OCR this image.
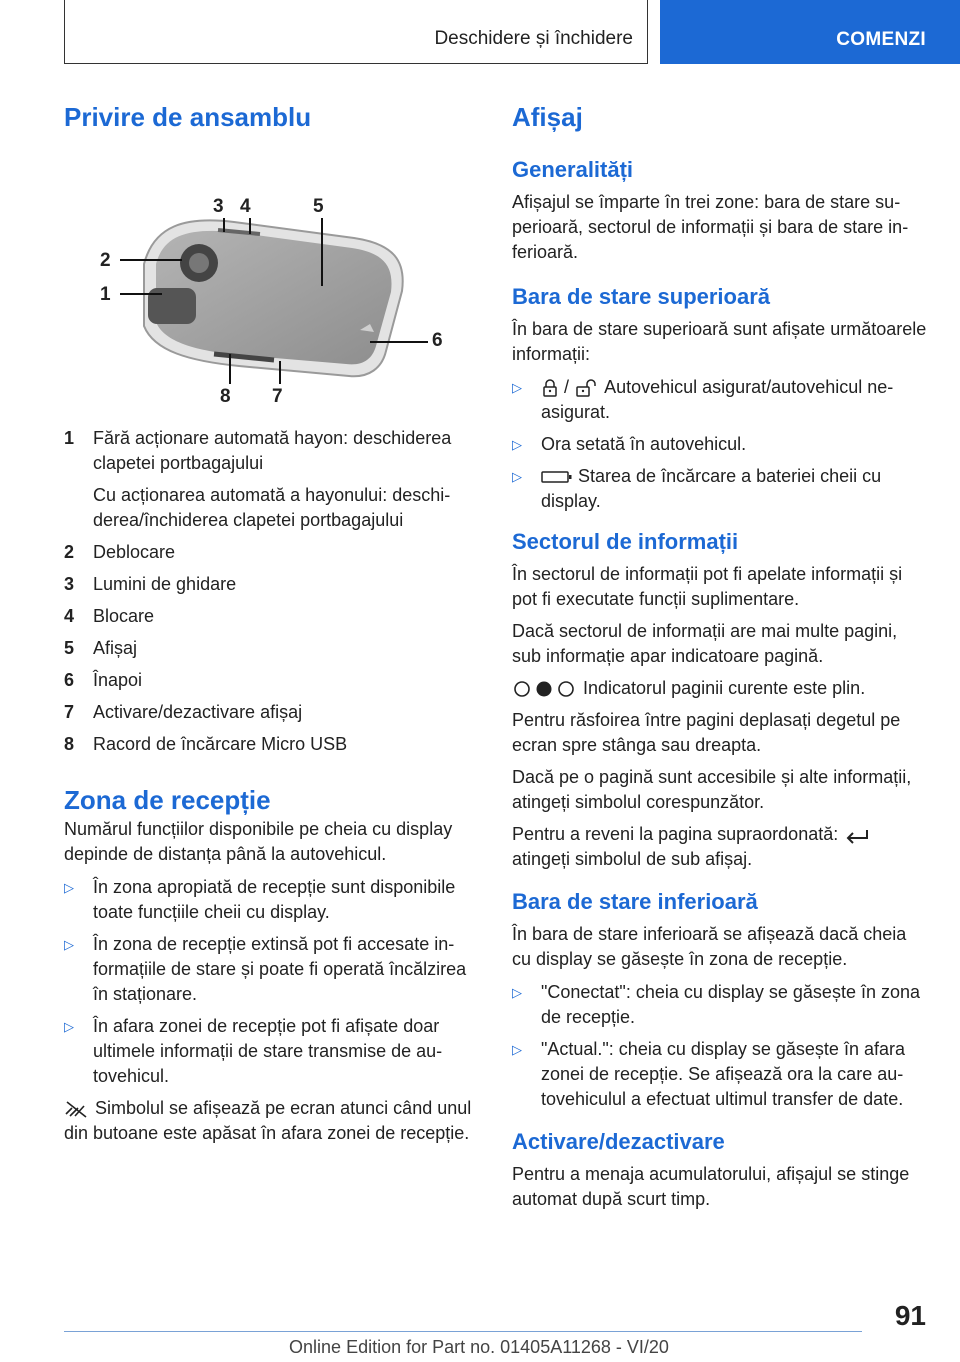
Deschidere și închidere	COMENZI
Privire de ansamblu
3 4	5
2
1
6
7
8
1	Fără acționare automată hayon: deschiderea clapetei portbagajului
Cu acționarea automată a hayonului: deschiderea/închiderea clapetei portbagajului
2	Deblocare
3	Lumini de ghidare
4	Blocare
5	Afișaj
6	Înapoi
7	Activare/dezactivare afișaj
8	Racord de încărcare Micro USB
Zona de recepție

Numărul funcțiilor disponibile pe cheia cu display depinde de distanța până la autovehicul.

▷	În zona apropiată de recepție sunt disponibile toate funcțiile cheii cu display.
▷	În zona de recepție extinsă pot fi accesate informațiile de stare și poate fi operată încălzirea în staționare.
▷	În afara zonei de recepție pot fi afișate doar ultimele informații de stare transmise de autovehicul.

Simbolul se afișează pe ecran atunci când unul din butoane este apăsat în afara zonei de recepție.

Afișaj
Generalități

Afișajul se împarte în trei zone: bara de stare superioară, sectorul de informații și bara de stare inferioară.

Bara de stare superioară

În bara de stare superioară sunt afișate următoarele informații:

▷	/ Autovehicul asigurat/autovehicul neasigurat.
▷	Ora setată în autovehicul.
▷	Starea de încărcare a bateriei cheii cu display.
Sectorul de informații

În sectorul de informații pot fi apelate informații și pot fi executate funcții suplimentare.

Dacă sectorul de informații are mai multe pagini, sub informație apar indicatoare pagină.

Indicatorul paginii curente este plin.

Pentru răsfoirea între pagini deplasați degetul pe ecran spre stânga sau dreapta.

Dacă pe o pagină sunt accesibile și alte informații, atingeți simbolul corespunzător.

Pentru a reveni la pagina supraordonată:
atingeți simbolul de sub afișaj.

Bara de stare inferioară

În bara de stare inferioară se afișează dacă cheia cu display se găsește în zona de recepție.

▷	"Conectat": cheia cu display se găsește în zona de recepție.
▷	"Actual.": cheia cu display se găsește în afara zonei de recepție. Se afișează ora la care autovehiculul a efectuat ultimul transfer de date.
Activare/dezactivare

Pentru a menaja acumulatorului, afișajul se stinge automat după scurt timp.

91
Online Edition for Part no. 01405A11268 - VI/20
